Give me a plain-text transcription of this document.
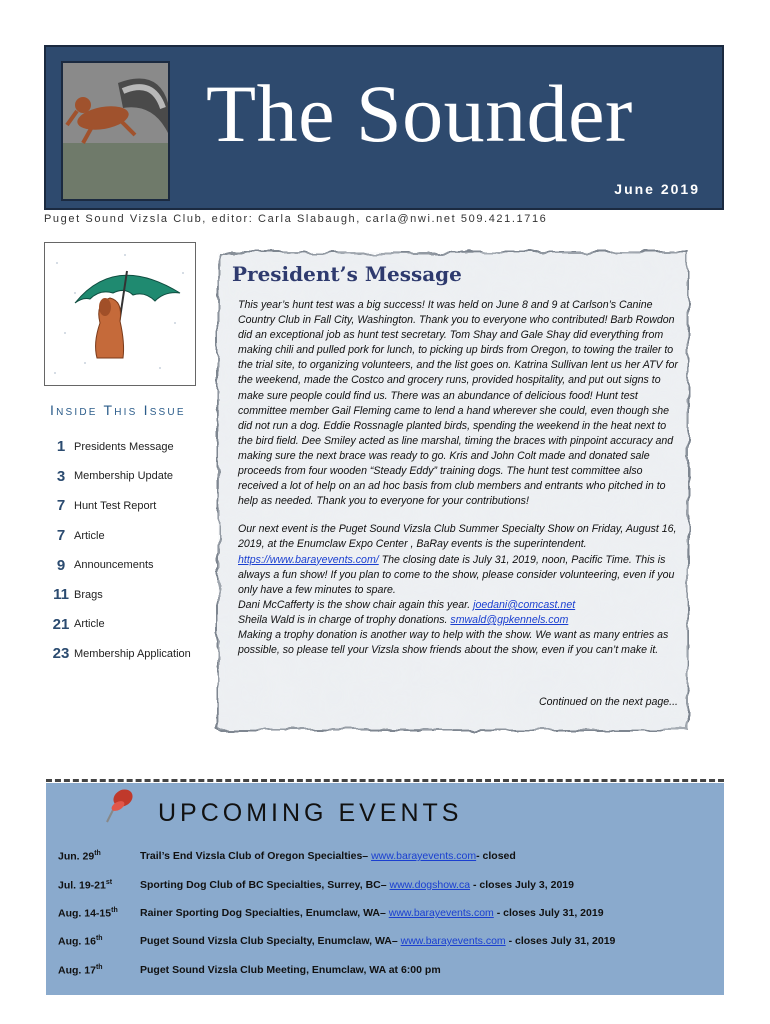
The Sounder
June 2019
Puget Sound Vizsla Club, editor: Carla Slabaugh, carla@nwi.net 509.421.1716
Inside This Issue
1 Presidents Message
3 Membership Update
7 Hunt Test Report
7 Article
9 Announcements
11 Brags
21 Article
23 Membership Application
President’s Message

This year’s hunt test was a big success! It was held on June 8 and 9 at Carlson’s Canine Country Club in Fall City, Washington. Thank you to everyone who contributed! Barb Rowdon did an exceptional job as hunt test secretary. Tom Shay and Gale Shay did everything from making chili and pulled pork for lunch, to picking up birds from Oregon, to towing the trailer to the trial site, to organizing volunteers, and the list goes on. Katrina Sullivan lent us her ATV for the weekend, made the Costco and grocery runs, provided hospitality, and put out signs to make sure people could find us. There was an abundance of delicious food! Hunt test committee member Gail Fleming came to lend a hand wherever she could, even though she did not run a dog. Eddie Rossnagle planted birds, spending the weekend in the heat next to the bird field. Dee Smiley acted as line marshal, timing the braces with pinpoint accuracy and making sure the next brace was ready to go. Kris and John Colt made and donated sale proceeds from four wooden “Steady Eddy” training dogs. The hunt test committee also received a lot of help on an ad hoc basis from club members and entrants who pitched in to help as needed. Thank you to everyone for your contributions!

Our next event is the Puget Sound Vizsla Club Summer Specialty Show on Friday, August 16, 2019, at the Enumclaw Expo Center , BaRay events is the superintendent. https://www.barayevents.com/ The closing date is July 31, 2019, noon, Pacific Time. This is always a fun show! If you plan to come to the show, please consider volunteering, even if you only have a few minutes to spare.

Dani McCafferty is the show chair again this year. joedani@comcast.net

Sheila Wald is in charge of trophy donations. smwald@gpkennels.com

Making a trophy donation is another way to help with the show. We want as many entries as possible, so please tell your Vizsla show friends about the show, even if you can’t make it.

Continued on the next page...
UPCOMING EVENTS
Jun. 29th	Trail’s End Vizsla Club of Oregon Specialties– www.barayevents.com- closed
Jul. 19-21st	Sporting Dog Club of BC Specialties, Surrey, BC– www.dogshow.ca - closes July 3, 2019
Aug. 14-15th Rainer Sporting Dog Specialties, Enumclaw, WA– www.barayevents.com - closes July 31, 2019
Aug. 16th	Puget Sound Vizsla Club Specialty, Enumclaw, WA– www.barayevents.com - closes July 31, 2019
Aug. 17th	Puget Sound Vizsla Club Meeting, Enumclaw, WA at 6:00 pm
